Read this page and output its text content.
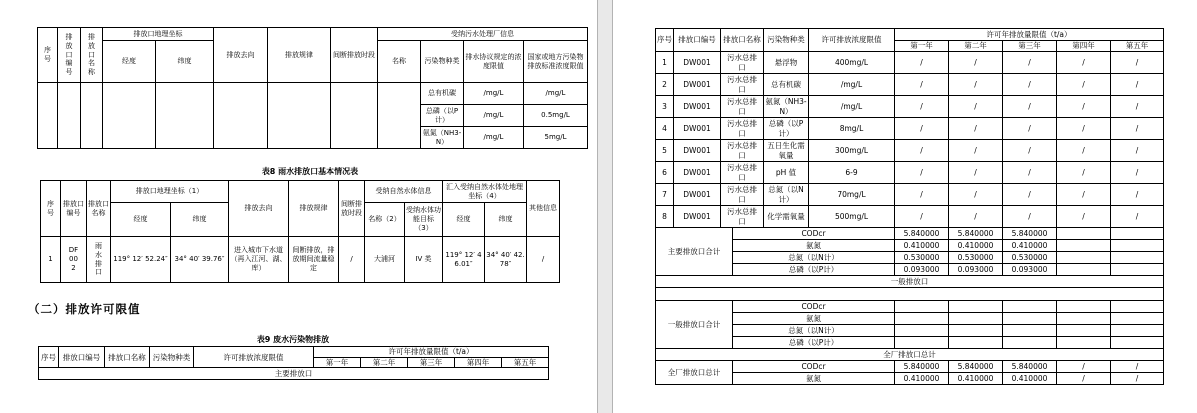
序号	排放口编号	排放口名称	排放口地理坐标		排放去向	排放规律	间断排放时段	受纳污水处理厂信息			
			经度	纬度				名称	污染物种类	排水协议规定的浓度限值	国家或地方污染物排放标准浓度限值
									总有机碳	/mg/L	/mg/L
									总磷（以P计）	/mg/L	0.5mg/L
									氨氮（NH3-N）	/mg/L	5mg/L
表8 雨水排放口基本情况表
序号	排放口编号	排放口名称	排放口地理坐标（1）		排放去向	排放规律	间断排放时段	受纳自然水体信息		汇入受纳自然水体处地理坐标（4）		其他信息
			经度	纬度				名称（2）	受纳水体功能目标（3）	经度	纬度	
1	DF002	雨水排口	119° 12′ 52.24″	34° 40′ 39.76″	进入城市下水道（再入江河、湖、库）	间断排放，排放期间流量稳定	/	大浦河	IV 类	119° 12′ 46.01″	34° 40′ 42.78″	/
（二）排放许可限值
表9 废水污染物排放
序号	排放口编号	排放口名称	污染物种类	许可排放浓度限值	许可年排放量限值（t/a）				
					第一年	第二年	第三年	第四年	第五年
主要排放口									
序号	排放口编号	排放口名称		污染物种类	许可排放浓度限值	许可年排放量限值（t/a）				
						第一年	第二年	第三年	第四年	第五年
1	DW001	污水总排口		悬浮物	400mg/L	/	/	/	/	/
2	DW001	污水总排口		总有机碳	/mg/L	/	/	/	/	/
3	DW001	污水总排口		氨氮（NH3-N）	/mg/L	/	/	/	/	/
4	DW001	污水总排口		总磷（以P计）	8mg/L	/	/	/	/	/
5	DW001	污水总排口		五日生化需氧量	300mg/L	/	/	/	/	/
6	DW001	污水总排口		pH 值	6-9	/	/	/	/	/
7	DW001	污水总排口		总氮（以N计）	70mg/L	/	/	/	/	/
8	DW001	污水总排口		化学需氧量	500mg/L	/	/	/	/	/
主要排放口合计			CODcr			5.840000	5.840000	5.840000		
			氨氮			0.410000	0.410000	0.410000		
			总氮（以N计）			0.530000	0.530000	0.530000		
			总磷（以P计）			0.093000	0.093000	0.093000		
一般排放口										

一般排放口合计			CODcr							
			氨氮							
			总氮（以N计）							
			总磷（以P计）							
全厂排放口总计										
全厂排放口总计			CODcr			5.840000	5.840000	5.840000	/	/
			氨氮			0.410000	0.410000	0.410000	/	/
